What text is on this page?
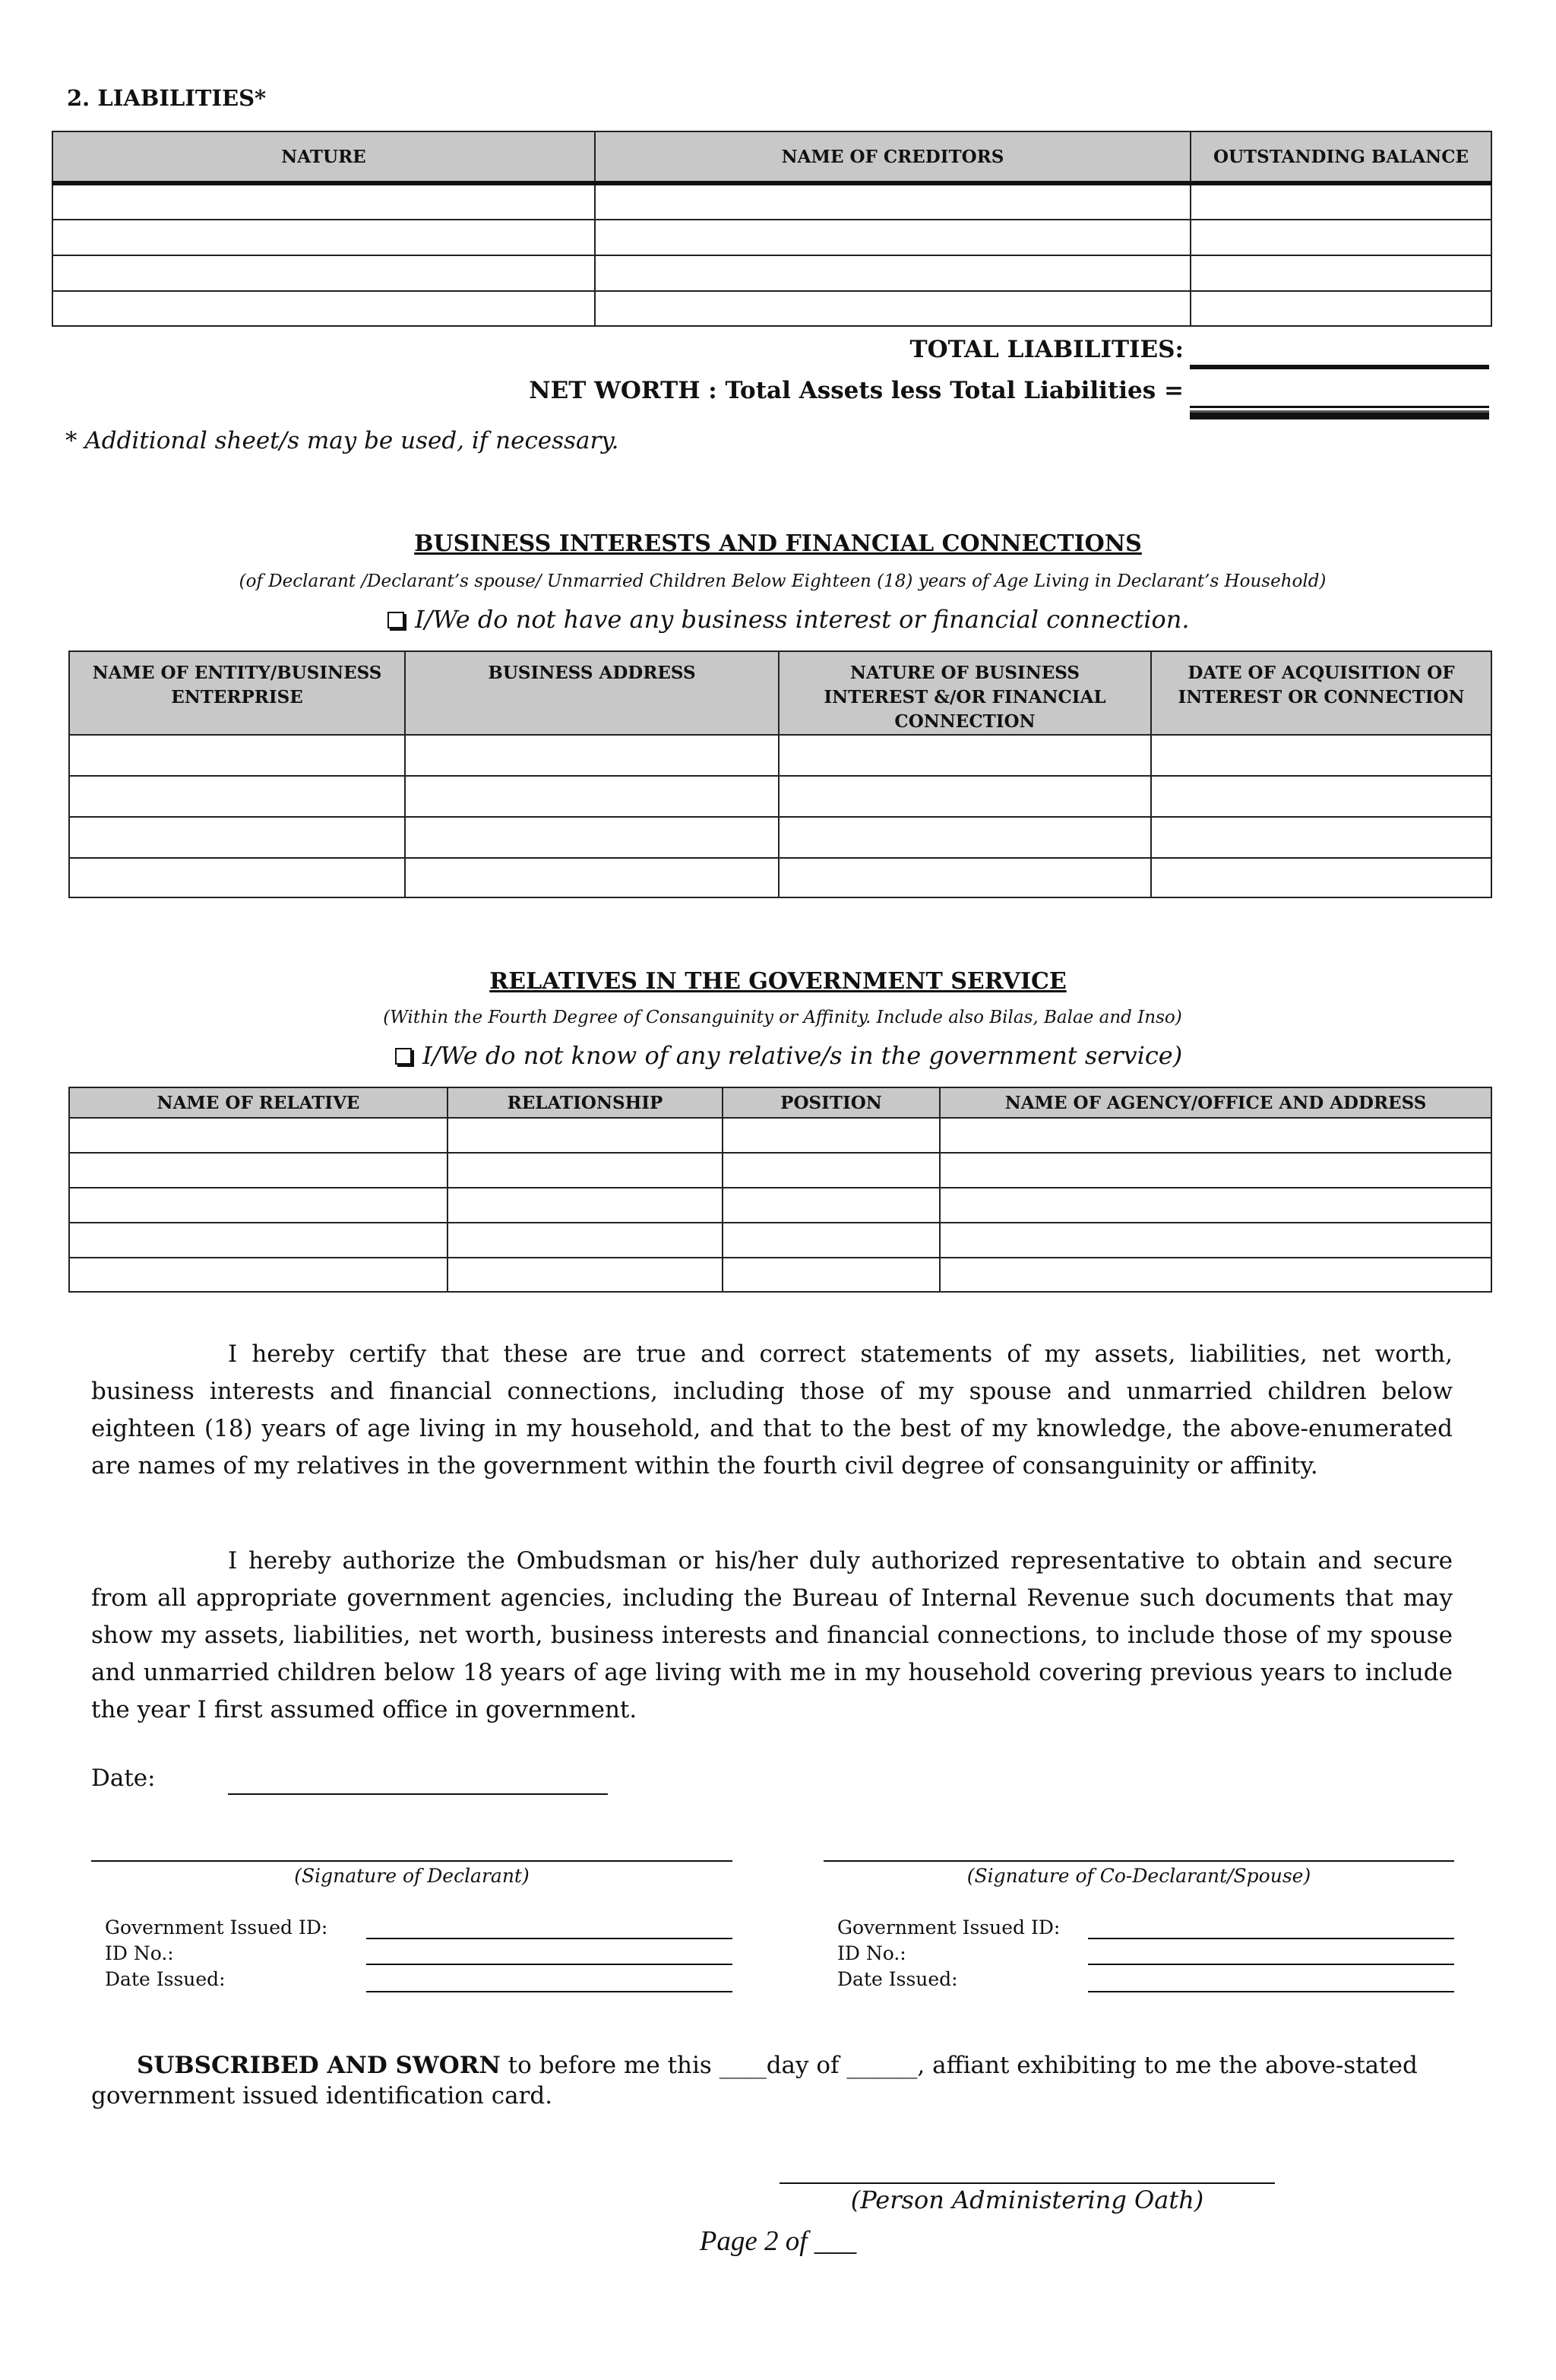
2. LIABILITIES*
NATURE	NAME OF CREDITORS	OUTSTANDING BALANCE

TOTAL LIABILITIES:
NET WORTH : Total Assets less Total Liabilities =
* Additional sheet/s may be used, if necessary.
BUSINESS INTERESTS AND FINANCIAL CONNECTIONS
(of Declarant /Declarant’s spouse/ Unmarried Children Below Eighteen (18) years of Age Living in Declarant’s Household)
I/We do not have any business interest or financial connection.
NAME OF ENTITY/BUSINESS ENTERPRISE	BUSINESS ADDRESS	NATURE OF BUSINESS INTEREST &/OR FINANCIAL CONNECTION	DATE OF ACQUISITION OF INTEREST OR CONNECTION

RELATIVES IN THE GOVERNMENT SERVICE
(Within the Fourth Degree of Consanguinity or Affinity. Include also Bilas, Balae and Inso)
I/We do not know of any relative/s in the government service)
NAME OF RELATIVE	RELATIONSHIP	POSITION	NAME OF AGENCY/OFFICE AND ADDRESS

I hereby certify that these are true and correct statements of my assets, liabilities, net worth, business interests and financial connections, including those of my spouse and unmarried children below eighteen (18) years of age living in my household, and that to the best of my knowledge, the above-enumerated are names of my relatives in the government within the fourth civil degree of consanguinity or affinity.
I hereby authorize the Ombudsman or his/her duly authorized representative to obtain and secure from all appropriate government agencies, including the Bureau of Internal Revenue such documents that may show my assets, liabilities, net worth, business interests and financial connections, to include those of my spouse and unmarried children below 18 years of age living with me in my household covering previous years to include the year I first assumed office in government.
Date:
(Signature of Declarant)	(Signature of Co-Declarant/Spouse)
Government Issued ID:
ID No.:
Date Issued:
Government Issued ID:
ID No.:
Date Issued:
SUBSCRIBED AND SWORN to before me this ____day of ______, affiant exhibiting to me the above-stated
government issued identification card.
(Person Administering Oath)
Page 2 of ___
